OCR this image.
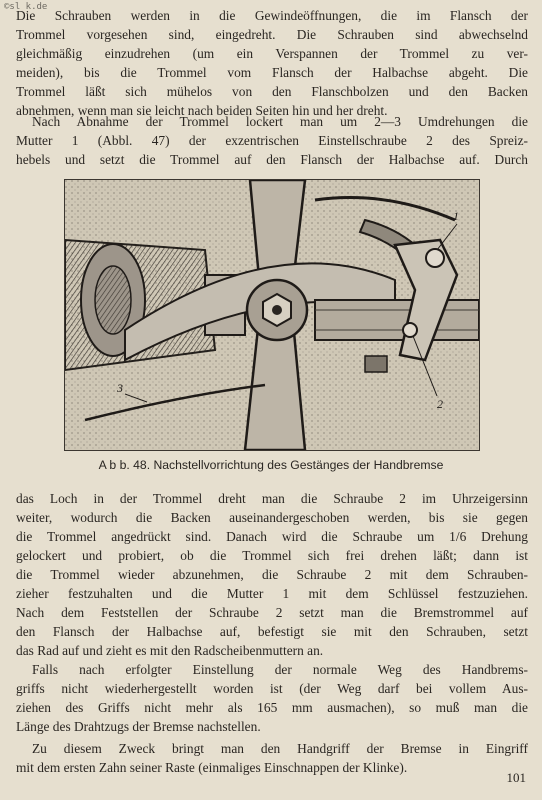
©sl k.de
Die Schrauben werden in die Gewindeöffnungen, die im Flansch der
Trommel vorgesehen sind, eingedreht. Die Schrauben sind abwechselnd
gleichmäßig einzudrehen (um ein Verspannen der Trommel zu ver-
meiden), bis die Trommel vom Flansch der Halbachse abgeht. Die
Trommel läßt sich mühelos von den Flanschbolzen und den Backen
abnehmen, wenn man sie leicht nach beiden Seiten hin und her dreht.
Nach Abnahme der Trommel lockert man um 2—3 Umdrehungen die
Mutter 1 (Abbl. 47) der exzentrischen Einstellschraube 2 des Spreiz-
hebels und setzt die Trommel auf den Flansch der Halbachse auf. Durch
1
2
3
A b b. 48. Nachstellvorrichtung des Gestänges der Handbremse
das Loch in der Trommel dreht man die Schraube 2 im Uhrzeigersinn
weiter, wodurch die Backen auseinandergeschoben werden, bis sie gegen
die Trommel angedrückt sind. Danach wird die Schraube um 1/6 Drehung
gelockert und probiert, ob die Trommel sich frei drehen läßt; dann ist
die Trommel wieder abzunehmen, die Schraube 2 mit dem Schrauben-
zieher festzuhalten und die Mutter 1 mit dem Schlüssel festzuziehen.
Nach dem Feststellen der Schraube 2 setzt man die Bremstrommel auf
den Flansch der Halbachse auf, befestigt sie mit den Schrauben, setzt
das Rad auf und zieht es mit den Radscheibenmuttern an.
Falls nach erfolgter Einstellung der normale Weg des Handbrems-
griffs nicht wiederhergestellt worden ist (der Weg darf bei vollem Aus-
ziehen des Griffs nicht mehr als 165 mm ausmachen), so muß man die
Länge des Drahtzugs der Bremse nachstellen.
Zu diesem Zweck bringt man den Handgriff der Bremse in Eingriff
mit dem ersten Zahn seiner Raste (einmaliges Einschnappen der Klinke).
101
